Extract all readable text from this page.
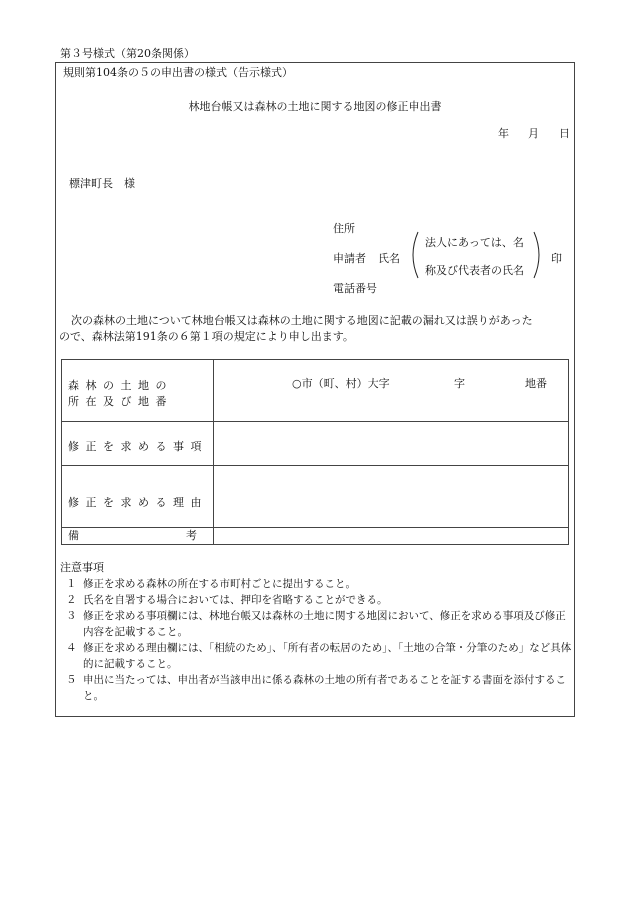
第３号様式（第20条関係）
規則第104条の５の申出書の様式（告示様式）
林地台帳又は森林の土地に関する地図の修正申出書
年 月 日
標津町長　様
住所
申請者 氏名
法人にあっては、名
称及び代表者の氏名
印
電話番号
次の森林の土地について林地台帳又は森林の土地に関する地図に記載の漏れ又は誤りがあった
ので、森林法第191条の６第１項の規定により申し出ます。
森林の土地の
所在及び地番
○市（町、村）大字	字	地番
修正を求める事項
修正を求める理由
備	考
注意事項
１ 修正を求める森林の所在する市町村ごとに提出すること。
２ 氏名を自署する場合においては、押印を省略することができる。
３ 修正を求める事項欄には、林地台帳又は森林の土地に関する地図において、修正を求める事項及び修正内容を記載すること。
４ 修正を求める理由欄には、「相続のため」、「所有者の転居のため」、「土地の合筆・分筆のため」など具体的に記載すること。
５ 申出に当たっては、申出者が当該申出に係る森林の土地の所有者であることを証する書面を添付すること。
